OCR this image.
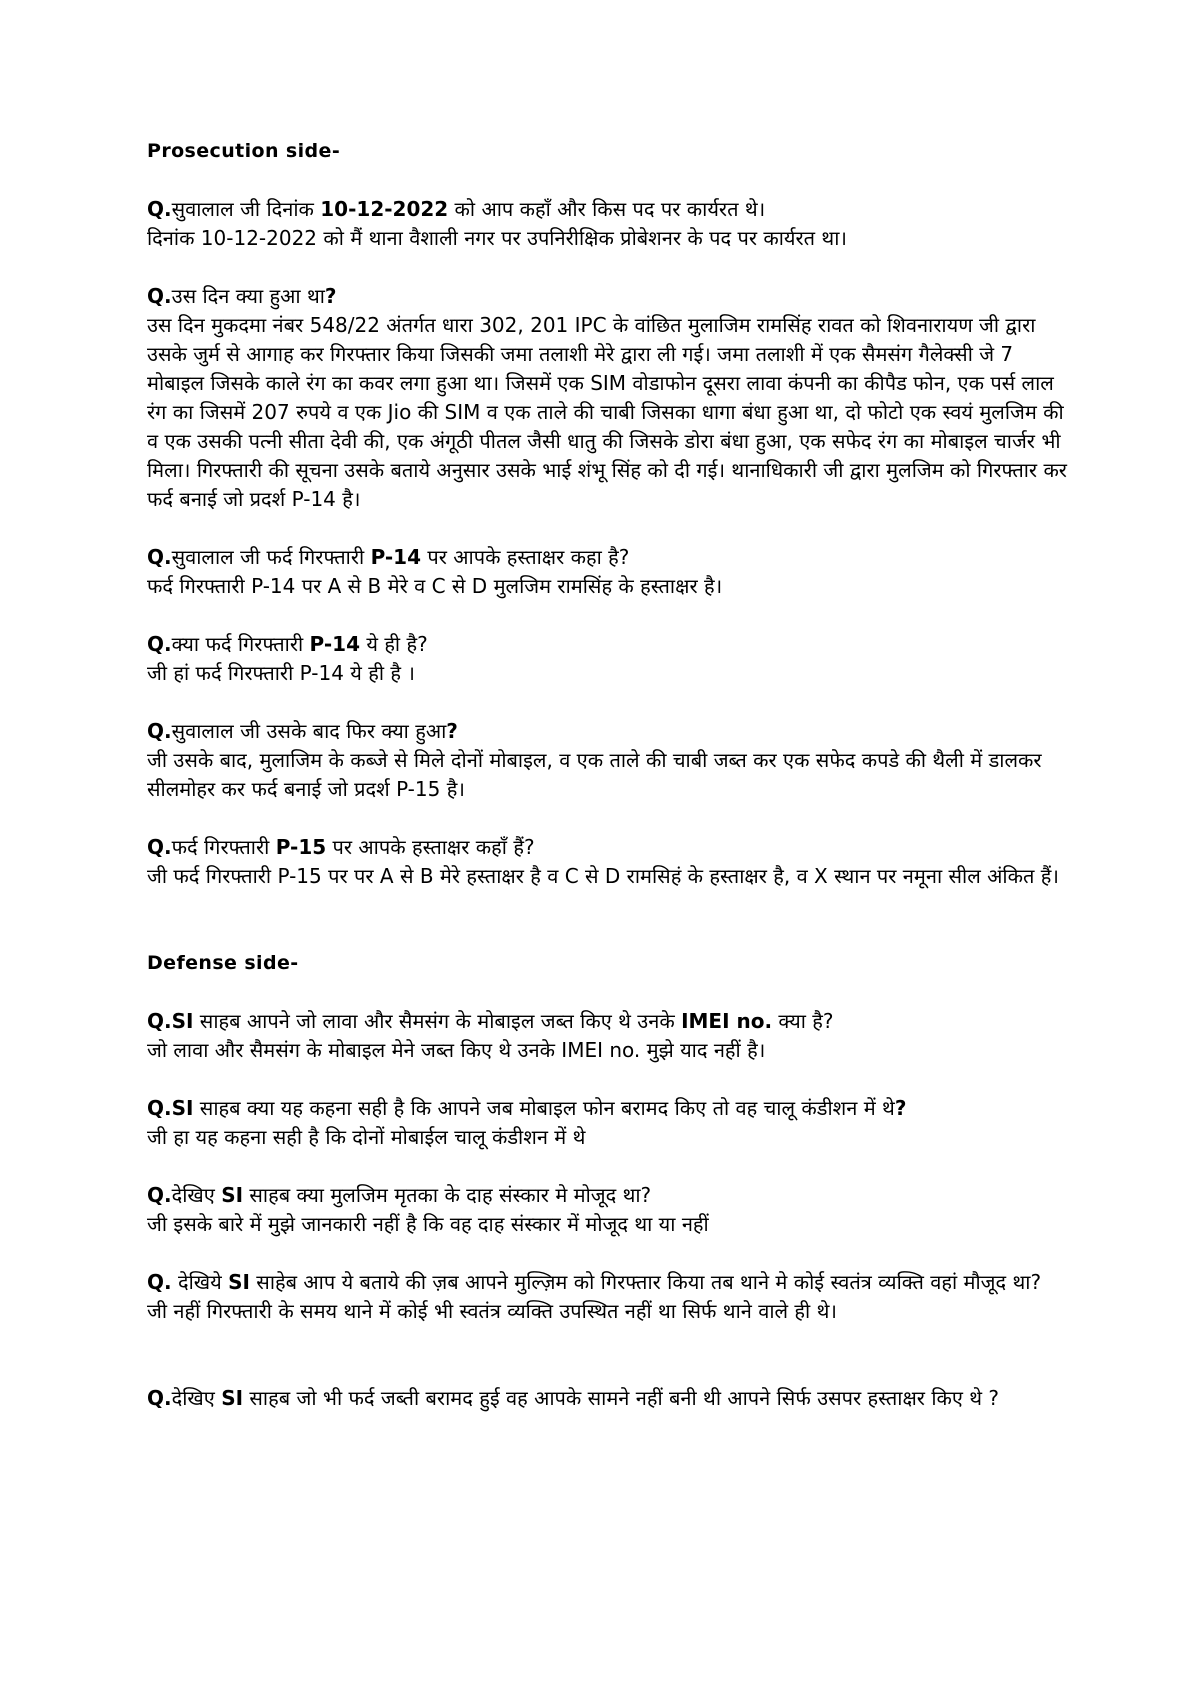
Prosecution side-

Q.सुवालाल जी दिनांक 10-12-2022 को आप कहाँ और किस पद पर कार्यरत थे।

दिनांक 10-12-2022 को मैं थाना वैशाली नगर पर उपनिरीक्षिक प्रोबेशनर के पद पर कार्यरत था।

Q.उस दिन क्या हुआ था?

उस दिन मुकदमा नंबर 548/22 अंतर्गत धारा 302, 201 IPC के वांछित मुलाजिम रामसिंह रावत को शिवनारायण जी द्वारा उसके जुर्म से आगाह कर गिरफ्तार किया जिसकी जमा तलाशी मेरे द्वारा ली गई। जमा तलाशी में एक सैमसंग गैलेक्सी जे 7 मोबाइल जिसके काले रंग का कवर लगा हुआ था। जिसमें एक SIM वोडाफोन दूसरा लावा कंपनी का कीपैड फोन, एक पर्स लाल रंग का जिसमें 207 रुपये व एक Jio की SIM व एक ताले की चाबी जिसका धागा बंधा हुआ था, दो फोटो एक स्वयं मुलजिम की व एक उसकी पत्नी सीता देवी की, एक अंगूठी पीतल जैसी धातु की जिसके डोरा बंधा हुआ, एक सफेद रंग का मोबाइल चार्जर भी मिला। गिरफ्तारी की सूचना उसके बताये अनुसार उसके भाई शंभू सिंह को दी गई। थानाधिकारी जी द्वारा मुलजिम को गिरफ्तार कर फर्द बनाई जो प्रदर्श P-14 है।

Q.सुवालाल जी फर्द गिरफ्तारी P-14 पर आपके हस्ताक्षर कहा है?

फर्द गिरफ्तारी P-14 पर A से B मेरे व C से D मुलजिम रामसिंह के हस्ताक्षर है।

Q.क्या फर्द गिरफ्तारी P-14 ये ही है?

जी हां फर्द गिरफ्तारी P-14 ये ही है ।

Q.सुवालाल जी उसके बाद फिर क्या हुआ?

जी उसके बाद, मुलाजिम के कब्जे से मिले दोनों मोबाइल, व एक ताले की चाबी जब्त कर एक सफेद कपडे की थैली में डालकर सीलमोहर कर फर्द बनाई जो प्रदर्श P-15 है।

Q.फर्द गिरफ्तारी P-15 पर आपके हस्ताक्षर कहाँ हैं?

जी फर्द गिरफ्तारी P-15 पर पर A से B मेरे हस्ताक्षर है व C से D रामसिहं के हस्ताक्षर है, व X स्थान पर नमूना सील अंकित हैं।

Defense side-

Q.SI साहब आपने जो लावा और सैमसंग के मोबाइल जब्त किए थे उनके IMEI no. क्या है?

जो लावा और सैमसंग के मोबाइल मेने जब्त किए थे उनके IMEI no. मुझे याद नहीं है।

Q.SI साहब क्या यह कहना सही है कि आपने जब मोबाइल फोन बरामद किए तो वह चालू कंडीशन में थे?

जी हा यह कहना सही है कि दोनों मोबाईल चालू कंडीशन में थे

Q.देखिए SI साहब क्या मुलजिम मृतका के दाह संस्कार मे मोजूद था?

जी इसके बारे में मुझे जानकारी नहीं है कि वह दाह संस्कार में मोजूद था या नहीं

Q. देखिये SI साहेब आप ये बताये की ज़ब आपने मुल्ज़िम को गिरफ्तार किया तब थाने मे कोई स्वतंत्र व्यक्ति वहां मौजूद था?

जी नहीं गिरफ्तारी के समय थाने में कोई भी स्वतंत्र व्यक्ति उपस्थित नहीं था सिर्फ थाने वाले ही थे।

Q.देखिए SI साहब जो भी फर्द जब्ती बरामद हुई वह आपके सामने नहीं बनी थी आपने सिर्फ उसपर हस्ताक्षर किए थे ?
